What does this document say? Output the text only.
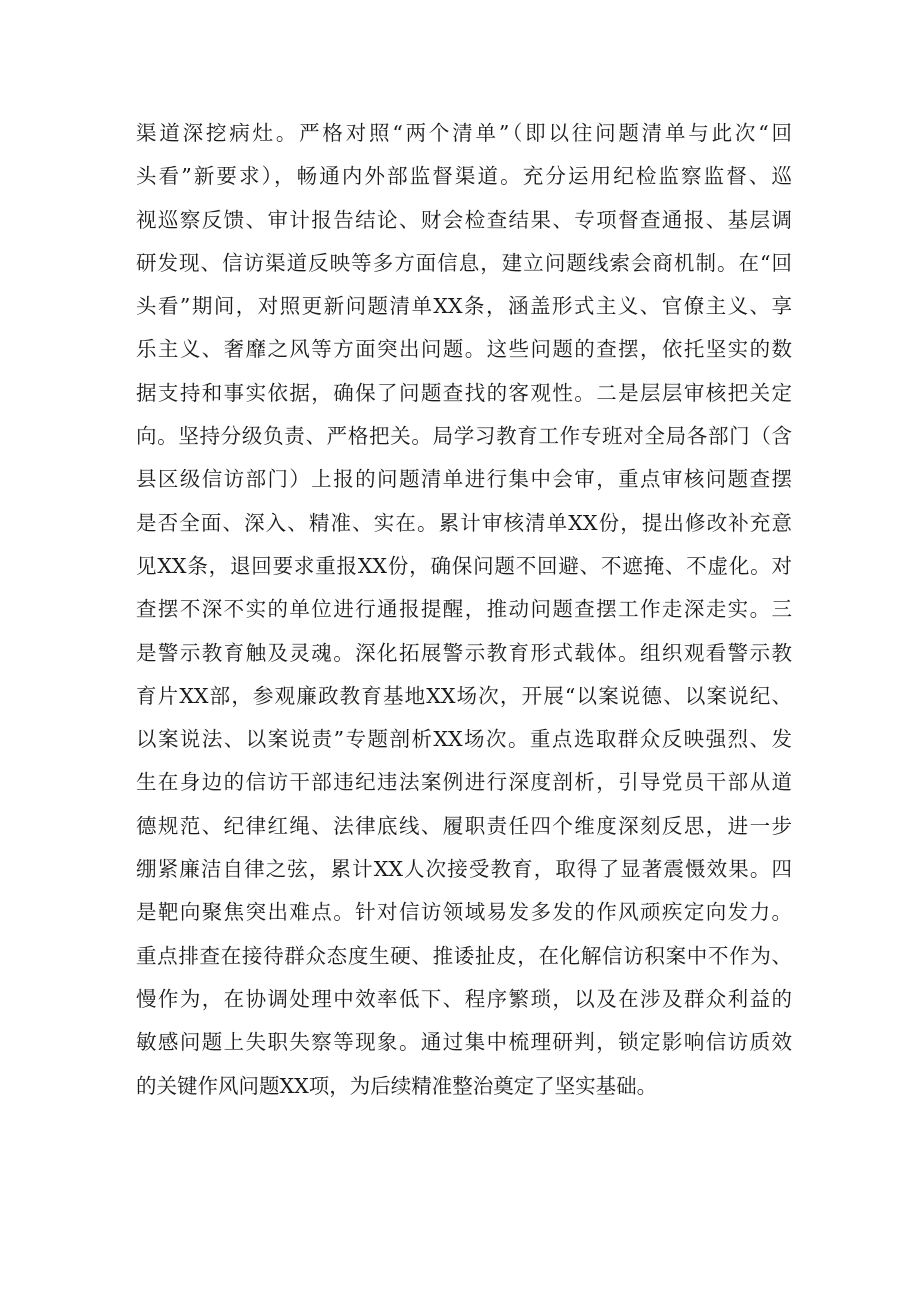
渠道深挖病灶。严格对照“两个清单”（即以往问题清单与此次“回
头看”新要求），畅通内外部监督渠道。充分运用纪检监察监督、巡
视巡察反馈、审计报告结论、财会检查结果、专项督查通报、基层调
研发现、信访渠道反映等多方面信息，建立问题线索会商机制。在“回
头看”期间，对照更新问题清单XX条，涵盖形式主义、官僚主义、享
乐主义、奢靡之风等方面突出问题。这些问题的查摆，依托坚实的数
据支持和事实依据，确保了问题查找的客观性。二是层层审核把关定
向。坚持分级负责、严格把关。局学习教育工作专班对全局各部门（含
县区级信访部门）上报的问题清单进行集中会审，重点审核问题查摆
是否全面、深入、精准、实在。累计审核清单XX份，提出修改补充意
见XX条，退回要求重报XX份，确保问题不回避、不遮掩、不虚化。对
查摆不深不实的单位进行通报提醒，推动问题查摆工作走深走实。三
是警示教育触及灵魂。深化拓展警示教育形式载体。组织观看警示教
育片XX部，参观廉政教育基地XX场次，开展“以案说德、以案说纪、
以案说法、以案说责”专题剖析XX场次。重点选取群众反映强烈、发
生在身边的信访干部违纪违法案例进行深度剖析，引导党员干部从道
德规范、纪律红绳、法律底线、履职责任四个维度深刻反思，进一步
绷紧廉洁自律之弦，累计XX人次接受教育，取得了显著震慑效果。四
是靶向聚焦突出难点。针对信访领域易发多发的作风顽疾定向发力。
重点排查在接待群众态度生硬、推诿扯皮，在化解信访积案中不作为、
慢作为，在协调处理中效率低下、程序繁琐，以及在涉及群众利益的
敏感问题上失职失察等现象。通过集中梳理研判，锁定影响信访质效
的关键作风问题XX项，为后续精准整治奠定了坚实基础。
